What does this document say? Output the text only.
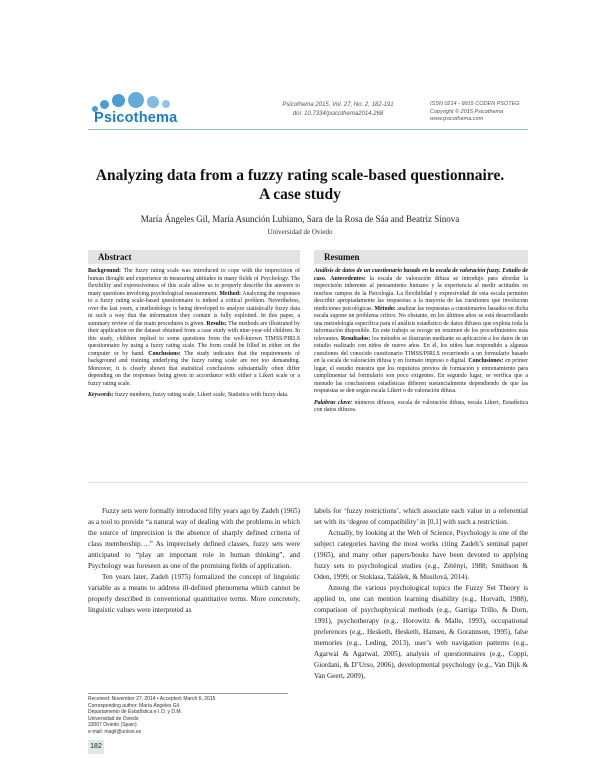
Psicothema
Psicothema 2015, Vol. 27, No. 2, 182-191
doi: 10.7334/psicothema2014.268
ISSN 0214 - 9915 CODEN PSOTEG
Copyright © 2015 Psicothema
www.psicothema.com
Analyzing data from a fuzzy rating scale-based questionnaire.
A case study
María Ángeles Gil, María Asunción Lubiano, Sara de la Rosa de Sáa and Beatriz Sinova
Universidad de Oviedo
Abstract
Background: The fuzzy rating scale was introduced to cope with the imprecision of human thought and experience in measuring attitudes in many fields of Psychology. The flexibility and expressiveness of this scale allow us to properly describe the answers to many questions involving psychological measurement. Method: Analyzing the responses to a fuzzy rating scale-based questionnaire is indeed a critical problem. Nevertheless, over the last years, a methodology is being developed to analyze statistically fuzzy data in such a way that the information they contain is fully exploited. In this paper, a summary review of the main procedures is given. Results: The methods are illustrated by their application on the dataset obtained from a case study with nine-year-old children. In this study, children replied to some questions from the well-known TIMSS/PIRLS questionnaire by using a fuzzy rating scale. The form could be filled in either on the computer or by hand. Conclusions: The study indicates that the requirements of background and training underlying the fuzzy rating scale are not too demanding. Moreover, it is clearly shown that statistical conclusions substantially often differ depending on the responses being given in accordance with either a Likert scale or a fuzzy rating scale.
Keywords: fuzzy numbers, fuzzy rating scale, Likert scale, Statistics with fuzzy data.
Resumen
Análisis de datos de un cuestionario basado en la escala de valoración fuzzy. Estudio de caso. Antecedentes: la escala de valoración difusa se introdujo para abordar la imprecisión inherente al pensamiento humano y la experiencia al medir actitudes en muchos campos de la Psicología. La flexibilidad y expresividad de esta escala permiten describir apropiadamente las respuestas a la mayoría de las cuestiones que involucran mediciones psicológicas. Método: analizar las respuestas a cuestionarios basados en dicha escala supone un problema crítico. No obstante, en los últimos años se está desarrollando una metodología específica para el análisis estadístico de datos difusos que explota toda la información disponible. En este trabajo se recoge un resumen de los procedimientos más relevantes. Resultados: los métodos se ilustrarán mediante su aplicación a los datos de un estudio realizado con niños de nueve años. En él, los niños han respondido a algunas cuestiones del conocido cuestionario TIMSS/PIRLS recurriendo a un formulario basado en la escala de valoración difusa y en formato impreso o digital. Conclusiones: en primer lugar, el estudio muestra que los requisitos previos de formación y entrenamiento para cumplimentar tal formulario son poco exigentes. En segundo lugar, se verifica que a menudo las conclusiones estadísticas difieren sustancialmente dependiendo de que las respuestas se den según escala Likert o de valoración difusa.
Palabras clave: números difusos, escala de valoración difusa, escala Likert, Estadística con datos difusos.

Fuzzy sets were formally introduced fifty years ago by Zadeh (1965) as a tool to provide “a natural way of dealing with the problems in which the source of imprecision is the absence of sharply defined criteria of class membership….” As imprecisely defined classes, fuzzy sets were anticipated to “play an important role in human thinking”, and Psychology was foreseen as one of the promising fields of application.

Ten years later, Zadeh (1975) formalized the concept of linguistic variable as a means to address ill-defined phenomena which cannot be properly described in conventional quantitative terms. More concretely, linguistic values were interpreted as

labels for ‘fuzzy restrictions’, which associate each value in a referential set with its ‘degree of compatibility’ in [0,1] with such a restriction.

Actually, by looking at the Web of Science, Psychology is one of the subject categories having the most works citing Zadeh’s seminal paper (1965), and many other papers/books have been devoted to applying fuzzy sets to psychological studies (e.g., Zétényi, 1988; Smithson & Oden, 1999; or Stoklasa, Talášek, & Musilová, 2014).

Among the various psychological topics the Fuzzy Set Theory is applied to, one can mention learning disability (e.g., Horvath, 1988), comparison of psychophysical methods (e.g., Garriga Trillo, & Dorn, 1991), psychotherapy (e.g., Horowitz & Malle, 1993), occupational preferences (e.g., Hesketh, Hesketh, Hansen, & Gorannson, 1995), false memories (e.g., Leding, 2013), user’s web navigation patterns (e.g., Agarwal & Agarwal, 2005), analysis of questionnaires (e.g., Coppi, Giordani, & D’Urso, 2006), developmental psychology (e.g., Van Dijk & Van Geert, 2009),

Received: November 27, 2014 • Accepted: March 6, 2015
Corresponding author: María Ángeles Gil
Departamento de Estadística e I.O. y D.M.
Universidad de Oviedo
33007 Oviedo (Spain)
e-mail: magil@uniovi.es
182
